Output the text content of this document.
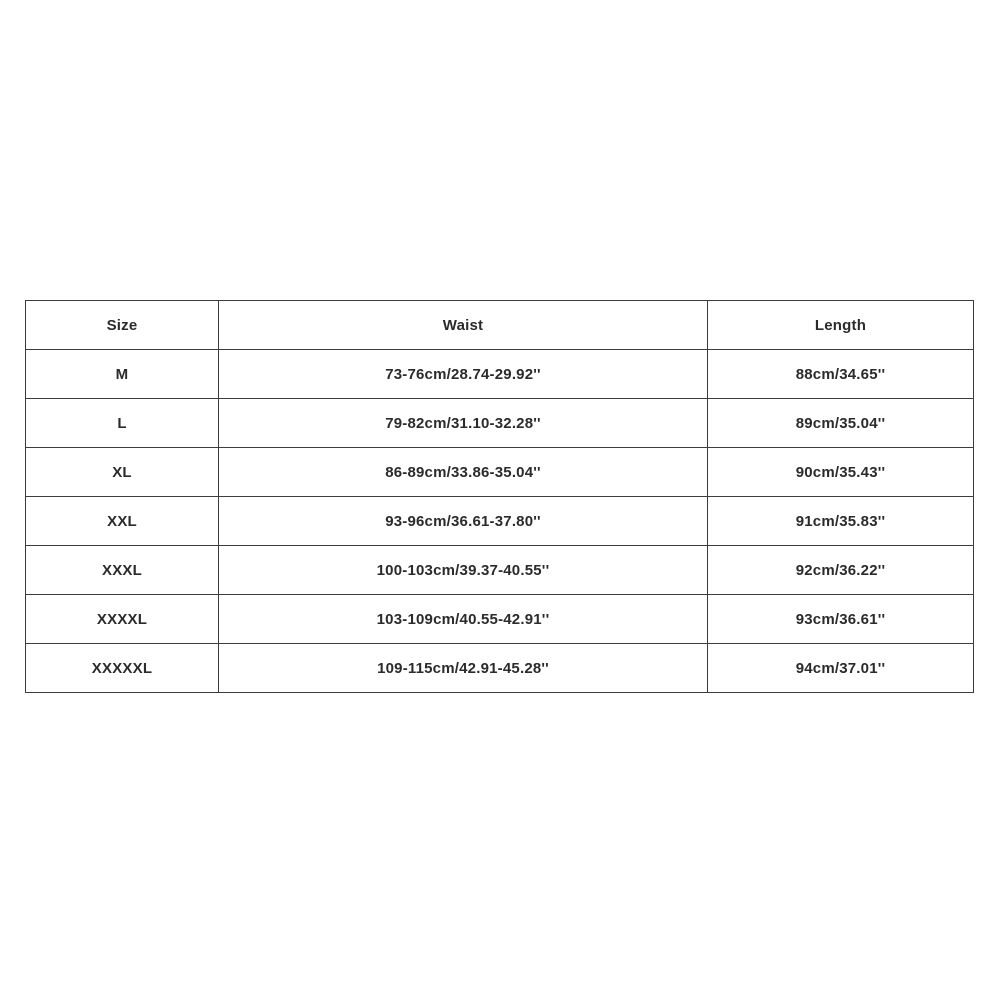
Size	Waist	Length
M	73-76cm/28.74-29.92''	88cm/34.65''
L	79-82cm/31.10-32.28''	89cm/35.04''
XL	86-89cm/33.86-35.04''	90cm/35.43''
XXL	93-96cm/36.61-37.80''	91cm/35.83''
XXXL	100-103cm/39.37-40.55''	92cm/36.22''
XXXXL	103-109cm/40.55-42.91''	93cm/36.61''
XXXXXL	109-115cm/42.91-45.28''	94cm/37.01''
